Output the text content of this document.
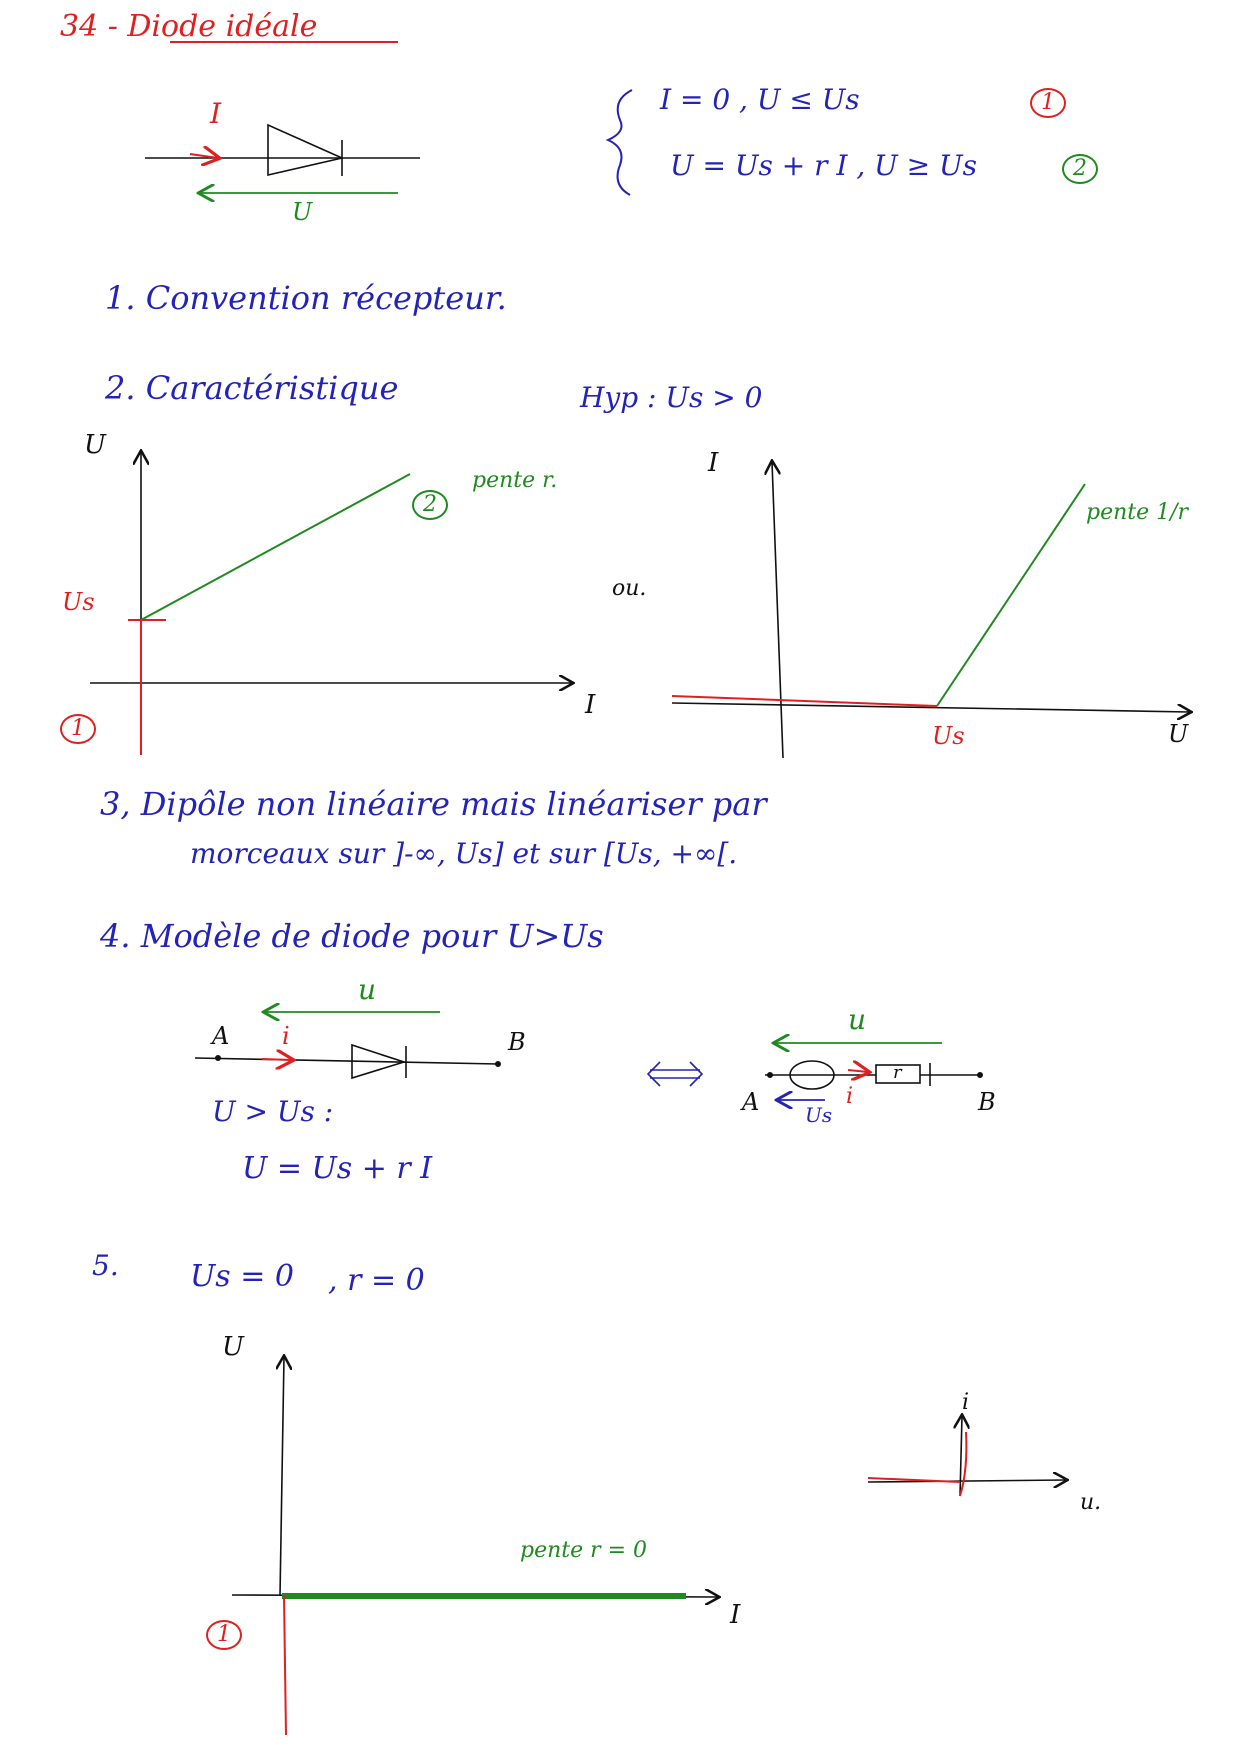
34 - Diode idéale
I
U
I = 0 , U ≤ Us	1
U = Us + r I , U ≥ Us	2
1. Convention récepteur.
2. Caractéristique	Hyp : Us > 0
U
I
Us
2
pente r.
1
ou.
I
U
Us
pente 1/r
3, Dipôle non linéaire mais linéariser par
morceaux sur ]-∞, Us] et sur [Us, +∞[.
4. Modèle de diode pour U>Us
u
i
A	B
U > Us :
U = Us + r I
u
i
r
Us
A	B
5. Us = 0 , r = 0
U
I
pente r = 0
1
i
u.
